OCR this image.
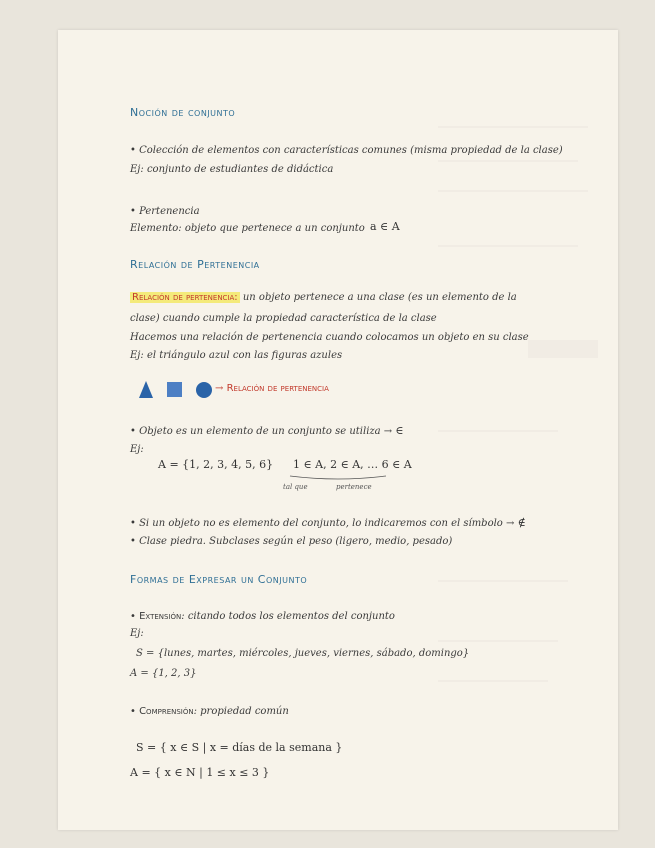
Noción de conjunto
• Colección de elementos con características comunes (misma propiedad de la clase)
Ej: conjunto de estudiantes de didáctica
• Pertenencia
Elemento: objeto que pertenece a un conjunto a ∈ A
Relación de Pertenencia
Relación de pertenencia: un objeto pertenece a una clase (es un elemento de la
clase) cuando cumple la propiedad característica de la clase
Hacemos una relación de pertenencia cuando colocamos un objeto en su clase
Ej: el triángulo azul con las figuras azules
→ Relación de pertenencia
• Objeto es un elemento de un conjunto se utiliza → ∈
Ej:
A = {1, 2, 3, 4, 5, 6} 1 ∈ A, 2 ∈ A, … 6 ∈ A
tal que	pertenece
• Si un objeto no es elemento del conjunto, lo indicaremos con el símbolo → ∉
• Clase piedra. Subclases según el peso (ligero, medio, pesado)
Formas de Expresar un Conjunto
• Extensión: citando todos los elementos del conjunto
Ej:
S = {lunes, martes, miércoles, jueves, viernes, sábado, domingo}
A = {1, 2, 3}
• Comprensión: propiedad común
S = { x ∈ S | x = días de la semana }
A = { x ∈ N | 1 ≤ x ≤ 3 }
